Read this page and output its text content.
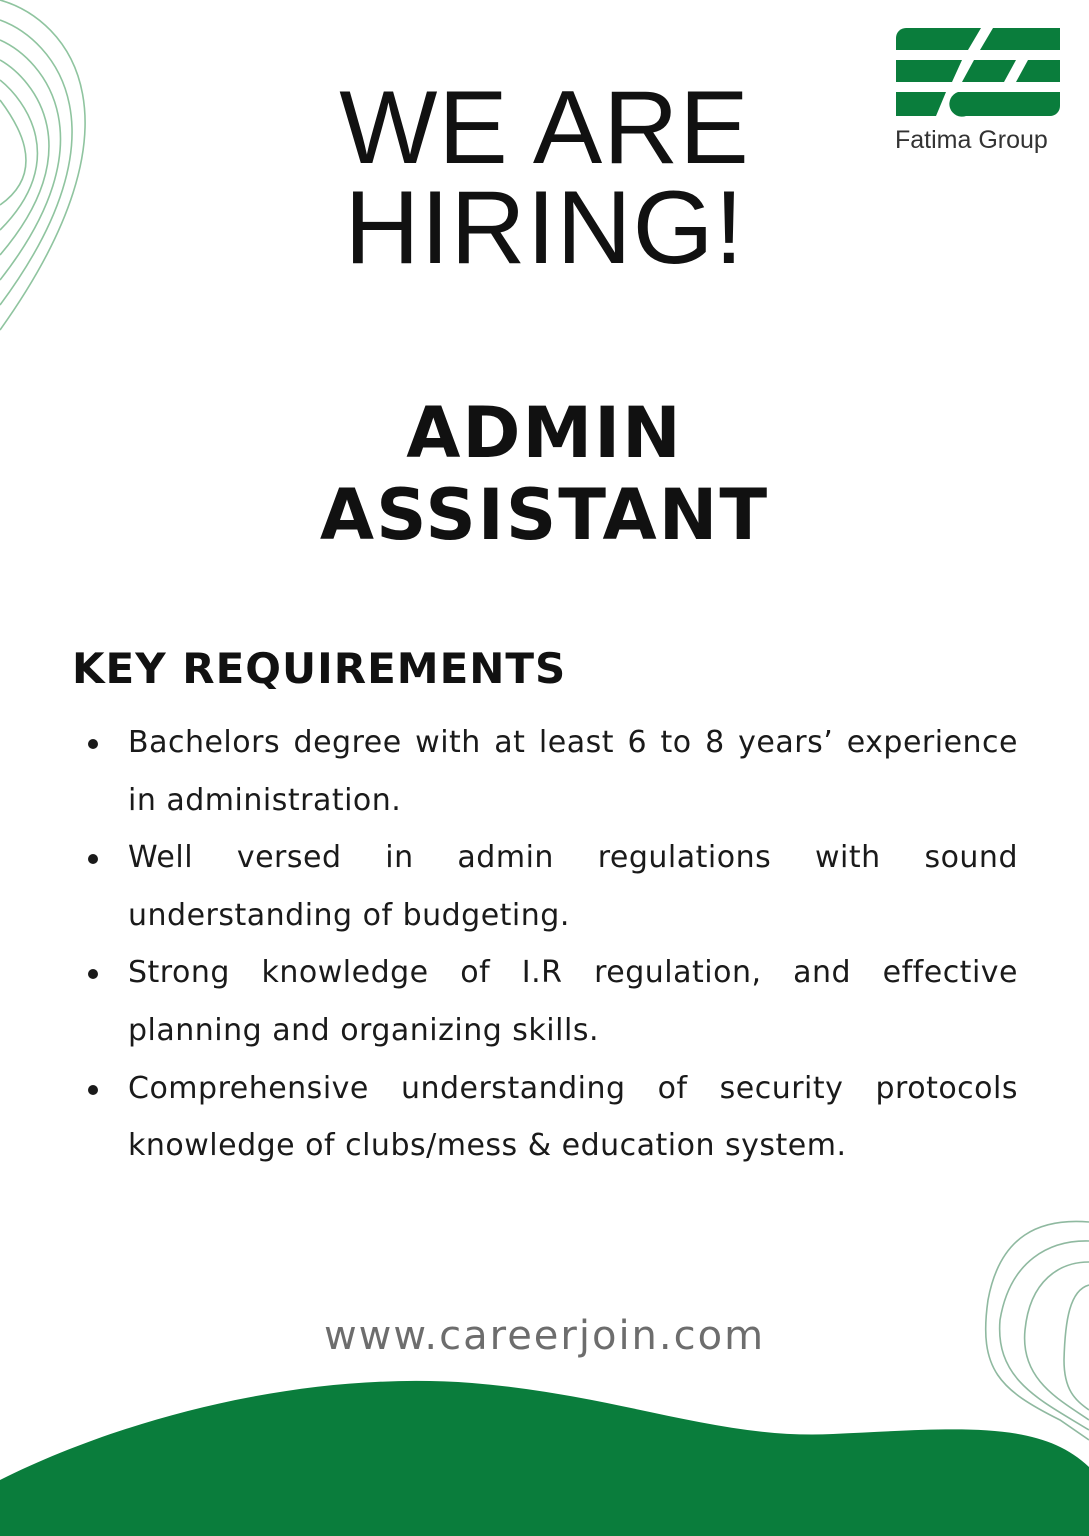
Fatima Group
WE ARE
HIRING!
ADMIN
ASSISTANT
KEY REQUIREMENTS
Bachelors degree with at least 6 to 8 years’ experience in administration.
Well versed in admin regulations with sound understanding of budgeting.
Strong knowledge of I.R regulation, and effective planning and organizing skills.
Comprehensive understanding of security protocols knowledge of clubs/mess & education system.
www.careerjoin.com
